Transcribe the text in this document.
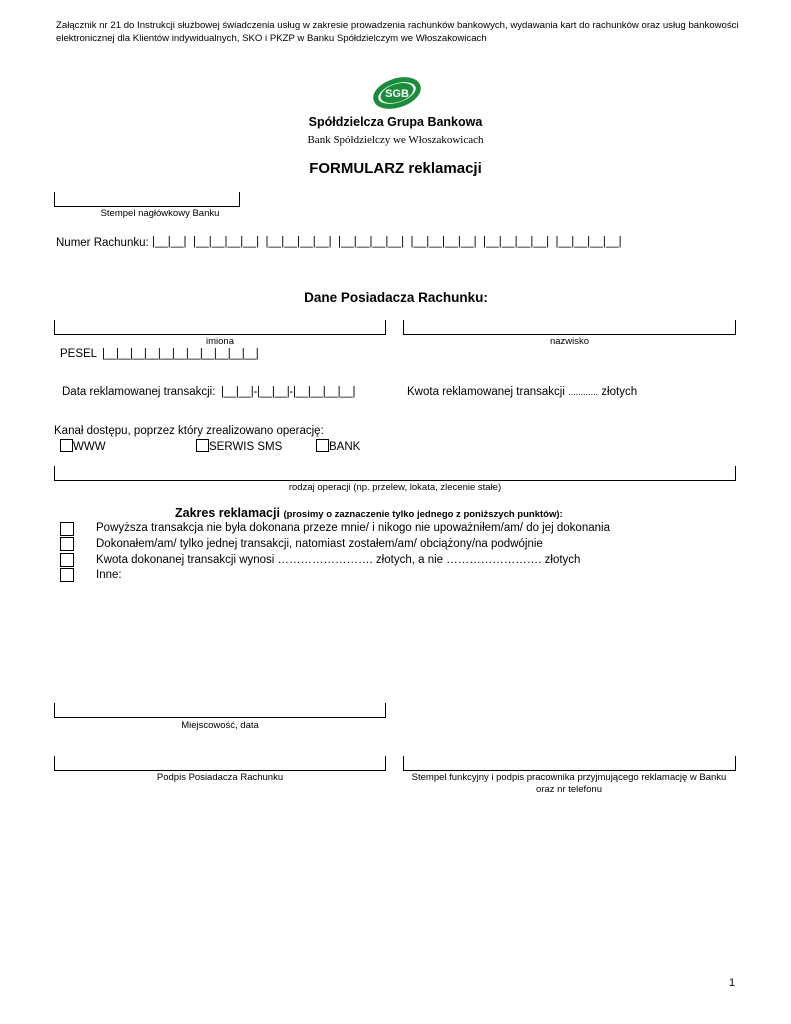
Załącznik nr 21 do Instrukcji służbowej świadczenia usług w zakresie prowadzenia rachunków bankowych, wydawania kart do rachunków oraz usług bankowości elektronicznej dla Klientów indywidualnych, SKO i PKZP w Banku Spółdzielczym we Włoszakowicach
SGB
Spółdzielcza Grupa Bankowa
Bank Spółdzielczy we Włoszakowicach
FORMULARZ reklamacji
Stempel nagłówkowy Banku
Numer Rachunku: |__|__| |__|__|__|__| |__|__|__|__| |__|__|__|__| |__|__|__|__| |__|__|__|__| |__|__|__|__|
Dane Posiadacza Rachunku:
imiona	nazwisko
PESEL |__|__|__|__|__|__|__|__|__|__|__|
Data reklamowanej transakcji: |__|__|-|__|__|-|__|__|__|__|	Kwota reklamowanej transakcji ............ złotych
Kanał dostępu, poprzez który zrealizowano operację:
WWW	SERWIS SMS	BANK
rodzaj operacji (np. przelew, lokata, zlecenie stałe)
Zakres reklamacji (prosimy o zaznaczenie tylko jednego z poniższych punktów):
Powyższa transakcja nie była dokonana przeze mnie/ i nikogo nie upoważniłem/am/ do jej dokonania
Dokonałem/am/ tylko jednej transakcji, natomiast zostałem/am/ obciążony/na podwójnie
Kwota dokonanej transakcji wynosi ……………………. złotych, a nie ……………………. złotych
Inne:
Miejscowość, data
Podpis Posiadacza Rachunku	Stempel funkcyjny i podpis pracownika przyjmującego reklamację w Banku oraz nr telefonu
1
